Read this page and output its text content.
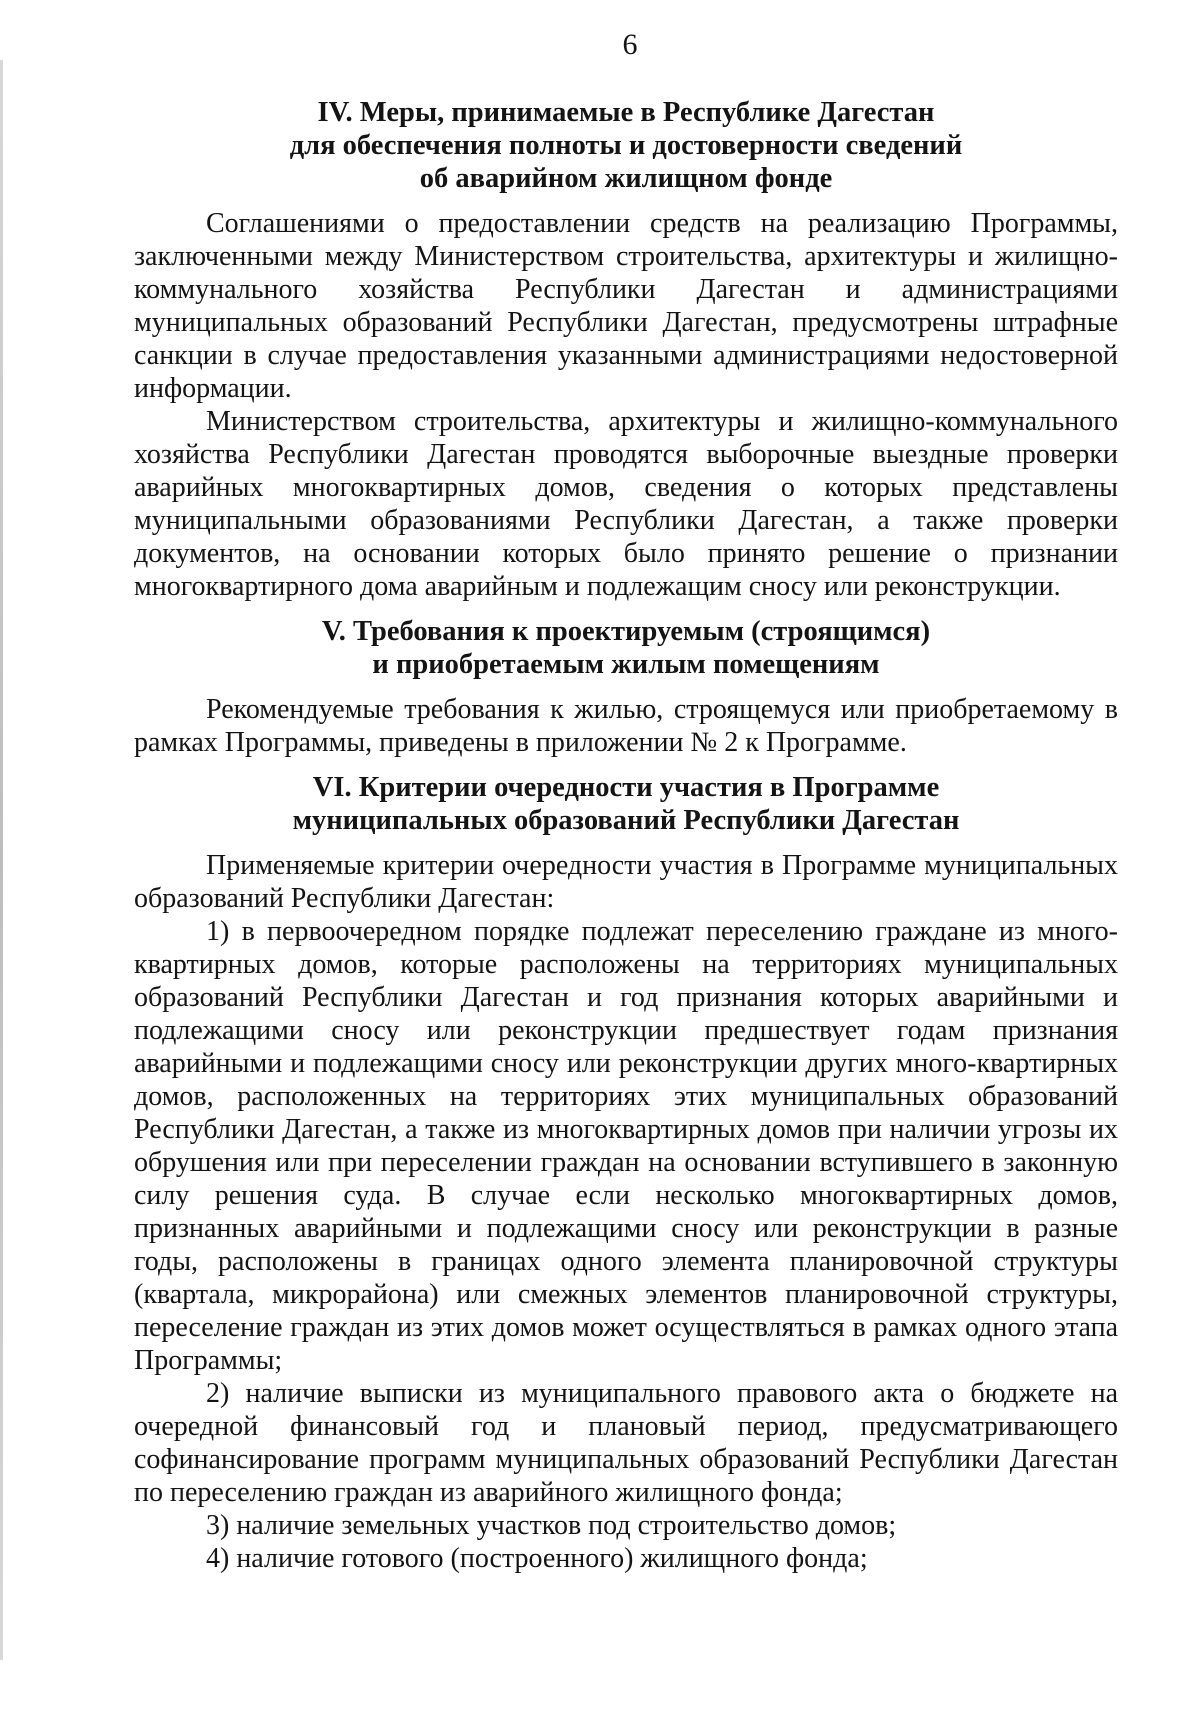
6
IV. Меры, принимаемые в Республике Дагестан
для обеспечения полноты и достоверности сведений
об аварийном жилищном фонде

Соглашениями о предоставлении средств на реализацию Программы, заключенными между Министерством строительства, архитектуры и жилищно-коммунального хозяйства Республики Дагестан и администрациями муниципальных образований Республики Дагестан, предусмотрены штрафные санкции в случае предоставления указанными администрациями недостоверной информации.

Министерством строительства, архитектуры и жилищно-коммунального хозяйства Республики Дагестан проводятся выборочные выездные проверки аварийных многоквартирных домов, сведения о которых представлены муниципальными образованиями Республики Дагестан, а также проверки документов, на основании которых было принято решение о признании многоквартирного дома аварийным и подлежащим сносу или реконструкции.

V. Требования к проектируемым (строящимся)
и приобретаемым жилым помещениям

Рекомендуемые требования к жилью, строящемуся или приобретаемому в рамках Программы, приведены в приложении № 2 к Программе.

VI. Критерии очередности участия в Программе
муниципальных образований Республики Дагестан

Применяемые критерии очередности участия в Программе муниципальных образований Республики Дагестан:

1) в первоочередном порядке подлежат переселению граждане из много-квартирных домов, которые расположены на территориях муниципальных образований Республики Дагестан и год признания которых аварийными и подлежащими сносу или реконструкции предшествует годам признания аварийными и подлежащими сносу или реконструкции других много-квартирных домов, расположенных на территориях этих муниципальных образований Республики Дагестан, а также из многоквартирных домов при наличии угрозы их обрушения или при переселении граждан на основании вступившего в законную силу решения суда. В случае если несколько многоквартирных домов, признанных аварийными и подлежащими сносу или реконструкции в разные годы, расположены в границах одного элемента планировочной структуры (квартала, микрорайона) или смежных элементов планировочной структуры, переселение граждан из этих домов может осуществляться в рамках одного этапа Программы;

2) наличие выписки из муниципального правового акта о бюджете на очередной финансовый год и плановый период, предусматривающего софинансирование программ муниципальных образований Республики Дагестан по переселению граждан из аварийного жилищного фонда;

3) наличие земельных участков под строительство домов;

4) наличие готового (построенного) жилищного фонда;
